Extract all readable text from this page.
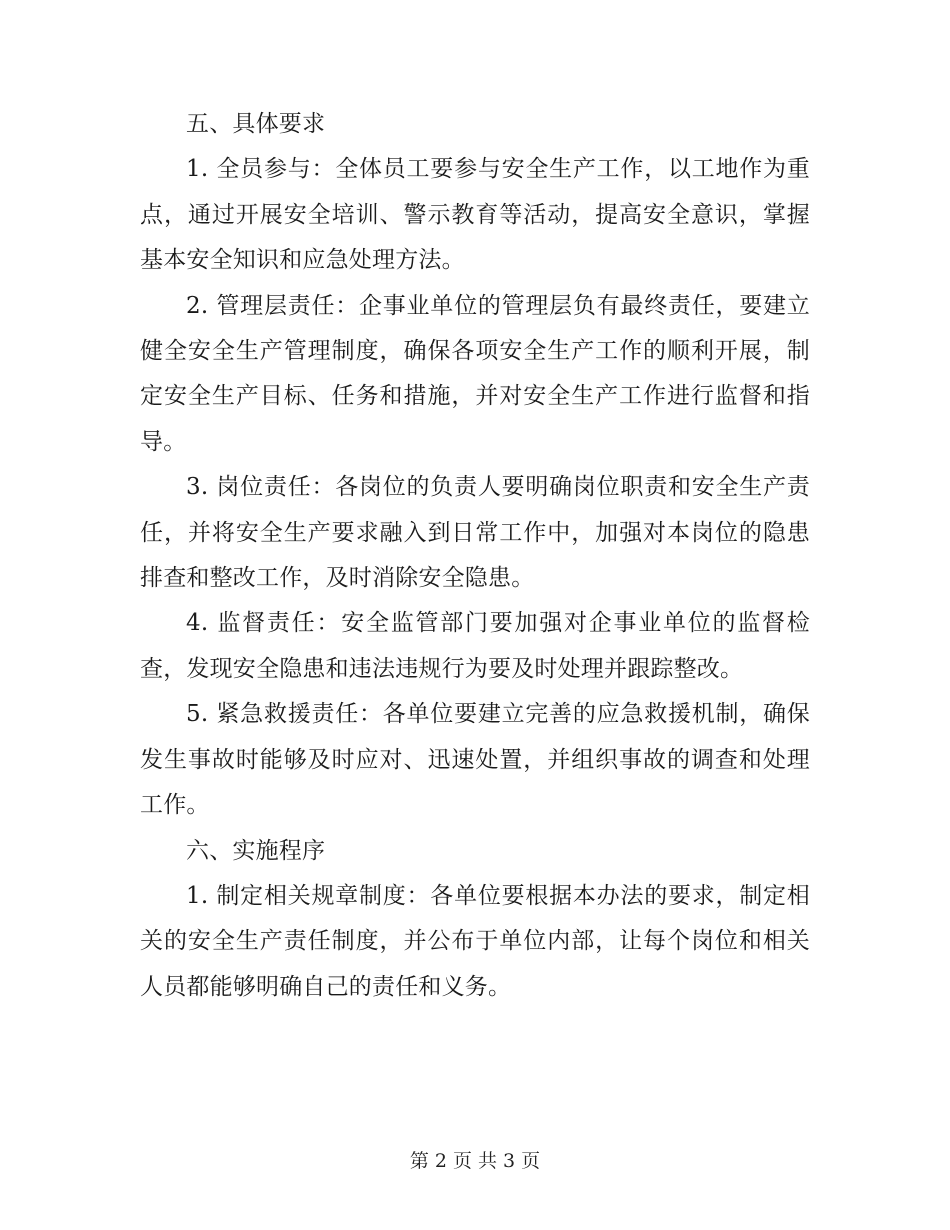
五、具体要求

1. 全员参与：全体员工要参与安全生产工作，以工地作为重点，通过开展安全培训、警示教育等活动，提高安全意识，掌握基本安全知识和应急处理方法。

2. 管理层责任：企事业单位的管理层负有最终责任，要建立健全安全生产管理制度，确保各项安全生产工作的顺利开展，制定安全生产目标、任务和措施，并对安全生产工作进行监督和指导。

3. 岗位责任：各岗位的负责人要明确岗位职责和安全生产责任，并将安全生产要求融入到日常工作中，加强对本岗位的隐患排查和整改工作，及时消除安全隐患。

4. 监督责任：安全监管部门要加强对企事业单位的监督检查，发现安全隐患和违法违规行为要及时处理并跟踪整改。

5. 紧急救援责任：各单位要建立完善的应急救援机制，确保发生事故时能够及时应对、迅速处置，并组织事故的调查和处理工作。

六、实施程序

1. 制定相关规章制度：各单位要根据本办法的要求，制定相关的安全生产责任制度，并公布于单位内部，让每个岗位和相关人员都能够明确自己的责任和义务。

第 2 页 共 3 页
